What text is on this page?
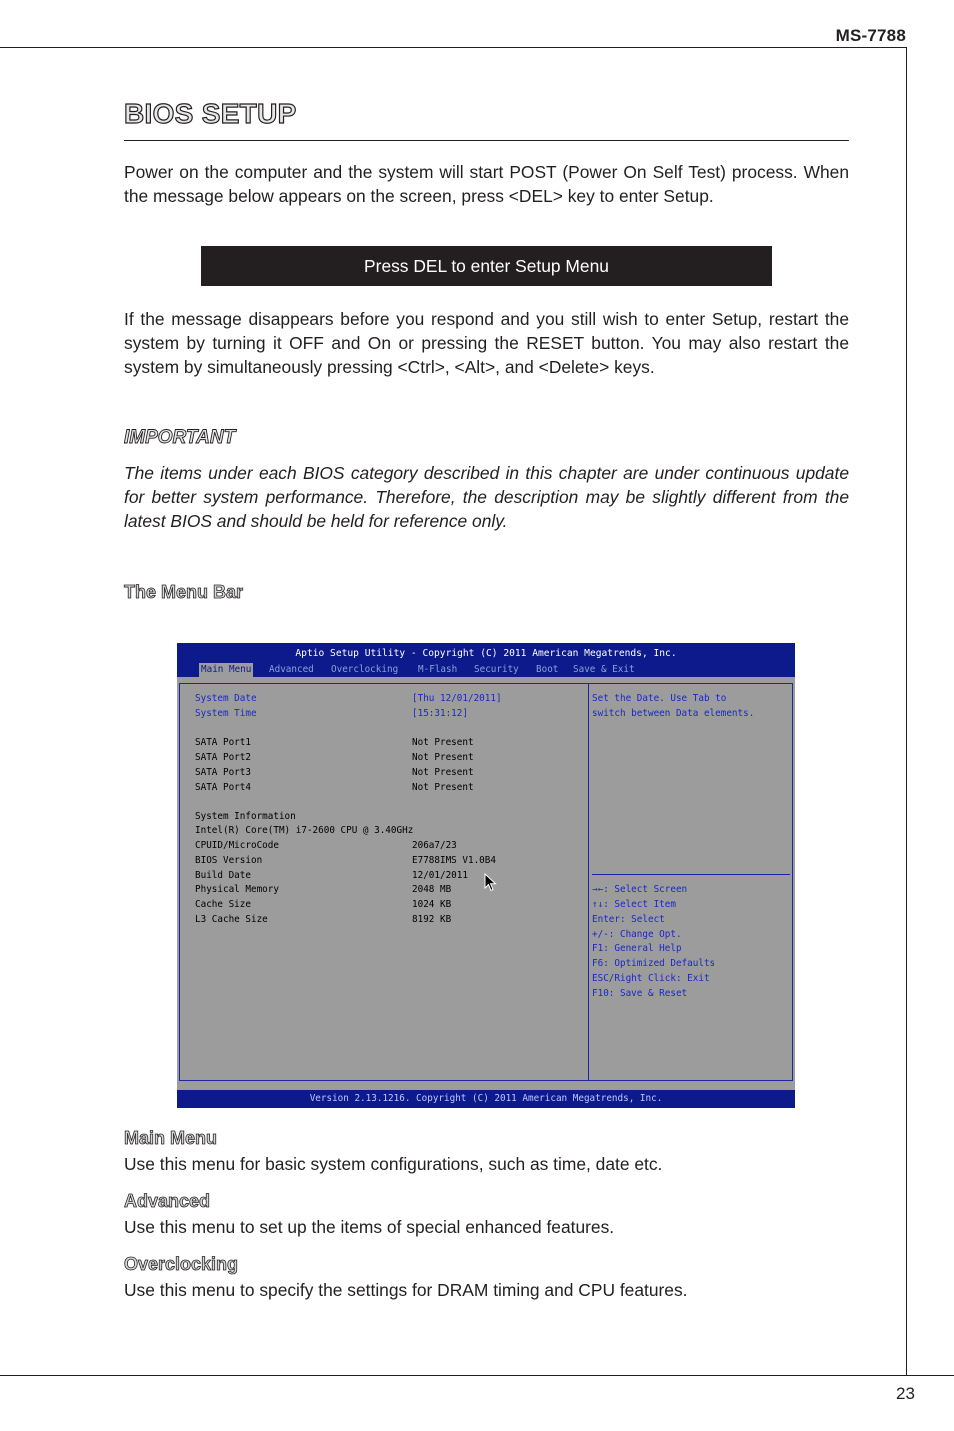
MS-7788
23
BIOS SETUP
Power on the computer and the system will start POST (Power On Self Test) process. When the message below appears on the screen, press <DEL> key to enter Setup.
Press DEL to enter Setup Menu
If the message disappears before you respond and you still wish to enter Setup, restart the system by turning it OFF and On or pressing the RESET button. You may also restart the system by simultaneously pressing <Ctrl>, <Alt>, and <Delete> keys.
IMPORTANT
The items under each BIOS category described in this chapter are under continuous update for better system performance. Therefore, the description may be slightly different from the latest BIOS and should be held for reference only.
The Menu Bar
Aptio Setup Utility - Copyright (C) 2011 American Megatrends, Inc.
Main Menu Advanced Overclocking M-Flash Security Boot Save & Exit
System Date	[Thu 12/01/2011]
System Time	[15:31:12]
SATA Port1	Not Present
SATA Port2	Not Present
SATA Port3	Not Present
SATA Port4	Not Present
System Information
Intel(R) Core(TM) i7-2600 CPU @ 3.40GHz
CPUID/MicroCode	206a7/23
BIOS Version	E7788IMS V1.0B4
Build Date	12/01/2011
Physical Memory	2048 MB
Cache Size	1024 KB
L3 Cache Size	8192 KB
Set the Date. Use Tab to
switch between Data elements.
→←: Select Screen
↑↓: Select Item
Enter: Select
+/-: Change Opt.
F1: General Help
F6: Optimized Defaults
ESC/Right Click: Exit
F10: Save & Reset
Version 2.13.1216. Copyright (C) 2011 American Megatrends, Inc.
Main Menu
Use this menu for basic system configurations, such as time, date etc.
Advanced
Use this menu to set up the items of special enhanced features.
Overclocking
Use this menu to specify the settings for DRAM timing and CPU features.
